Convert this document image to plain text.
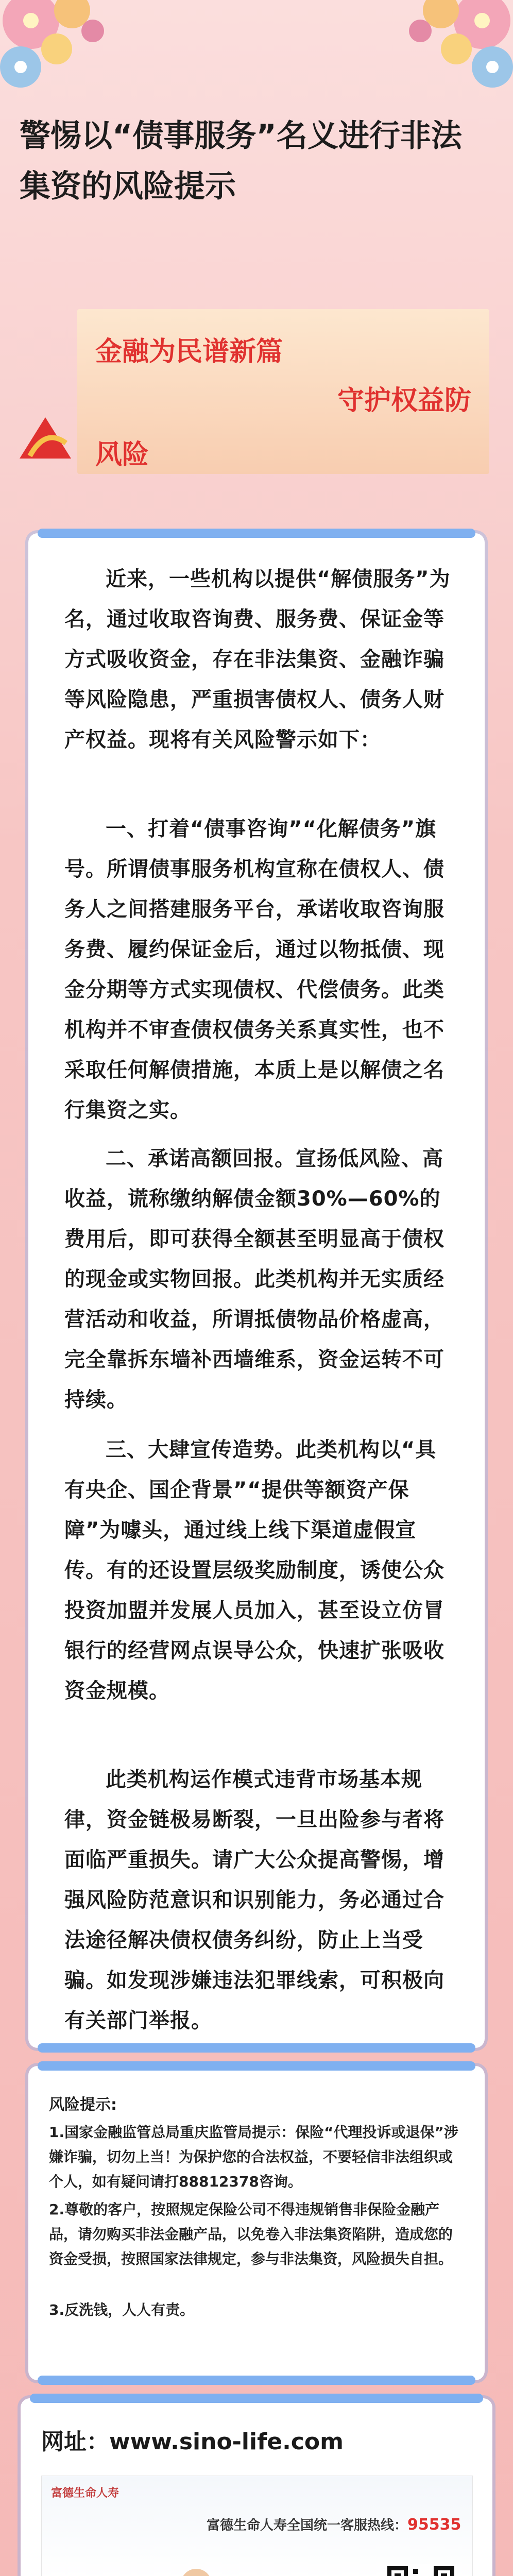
警惕以“债事服务”名义进行非法
集资的风险提示
金融为民谱新篇
守护权益防
风险
近来，一些机构以提供“解债服务”为名，通过收取咨询费、服务费、保证金等方式吸收资金，存在非法集资、金融诈骗等风险隐患，严重损害债权人、债务人财产权益。现将有关风险警示如下：
一、打着“债事咨询”“化解债务”旗号。所谓债事服务机构宣称在债权人、债务人之间搭建服务平台，承诺收取咨询服务费、履约保证金后，通过以物抵债、现金分期等方式实现债权、代偿债务。此类机构并不审查债权债务关系真实性，也不采取任何解债措施，本质上是以解债之名行集资之实。
二、承诺高额回报。宣扬低风险、高收益，谎称缴纳解债金额30%—60%的费用后，即可获得全额甚至明显高于债权的现金或实物回报。此类机构并无实质经营活动和收益，所谓抵债物品价格虚高，完全靠拆东墙补西墙维系，资金运转不可持续。
三、大肆宣传造势。此类机构以“具有央企、国企背景”“提供等额资产保障”为噱头，通过线上线下渠道虚假宣传。有的还设置层级奖励制度，诱使公众投资加盟并发展人员加入，甚至设立仿冒银行的经营网点误导公众，快速扩张吸收资金规模。
此类机构运作模式违背市场基本规律，资金链极易断裂，一旦出险参与者将面临严重损失。请广大公众提高警惕，增强风险防范意识和识别能力，务必通过合法途径解决债权债务纠纷，防止上当受骗。如发现涉嫌违法犯罪线索，可积极向有关部门举报。
风险提示:
1.国家金融监管总局重庆监管局提示：保险“代理投诉或退保”涉嫌诈骗，切勿上当！为保护您的合法权益，不要轻信非法组织或个人，如有疑问请打88812378咨询。
2.尊敬的客户，按照规定保险公司不得违规销售非保险金融产品，请勿购买非法金融产品，以免卷入非法集资陷阱，造成您的资金受损，按照国家法律规定，参与非法集资，风险损失自担。
3.反洗钱，人人有责。
网址：www.sino-life.com
富德生命人寿
富德生命人寿全国统一客服热线：95535
